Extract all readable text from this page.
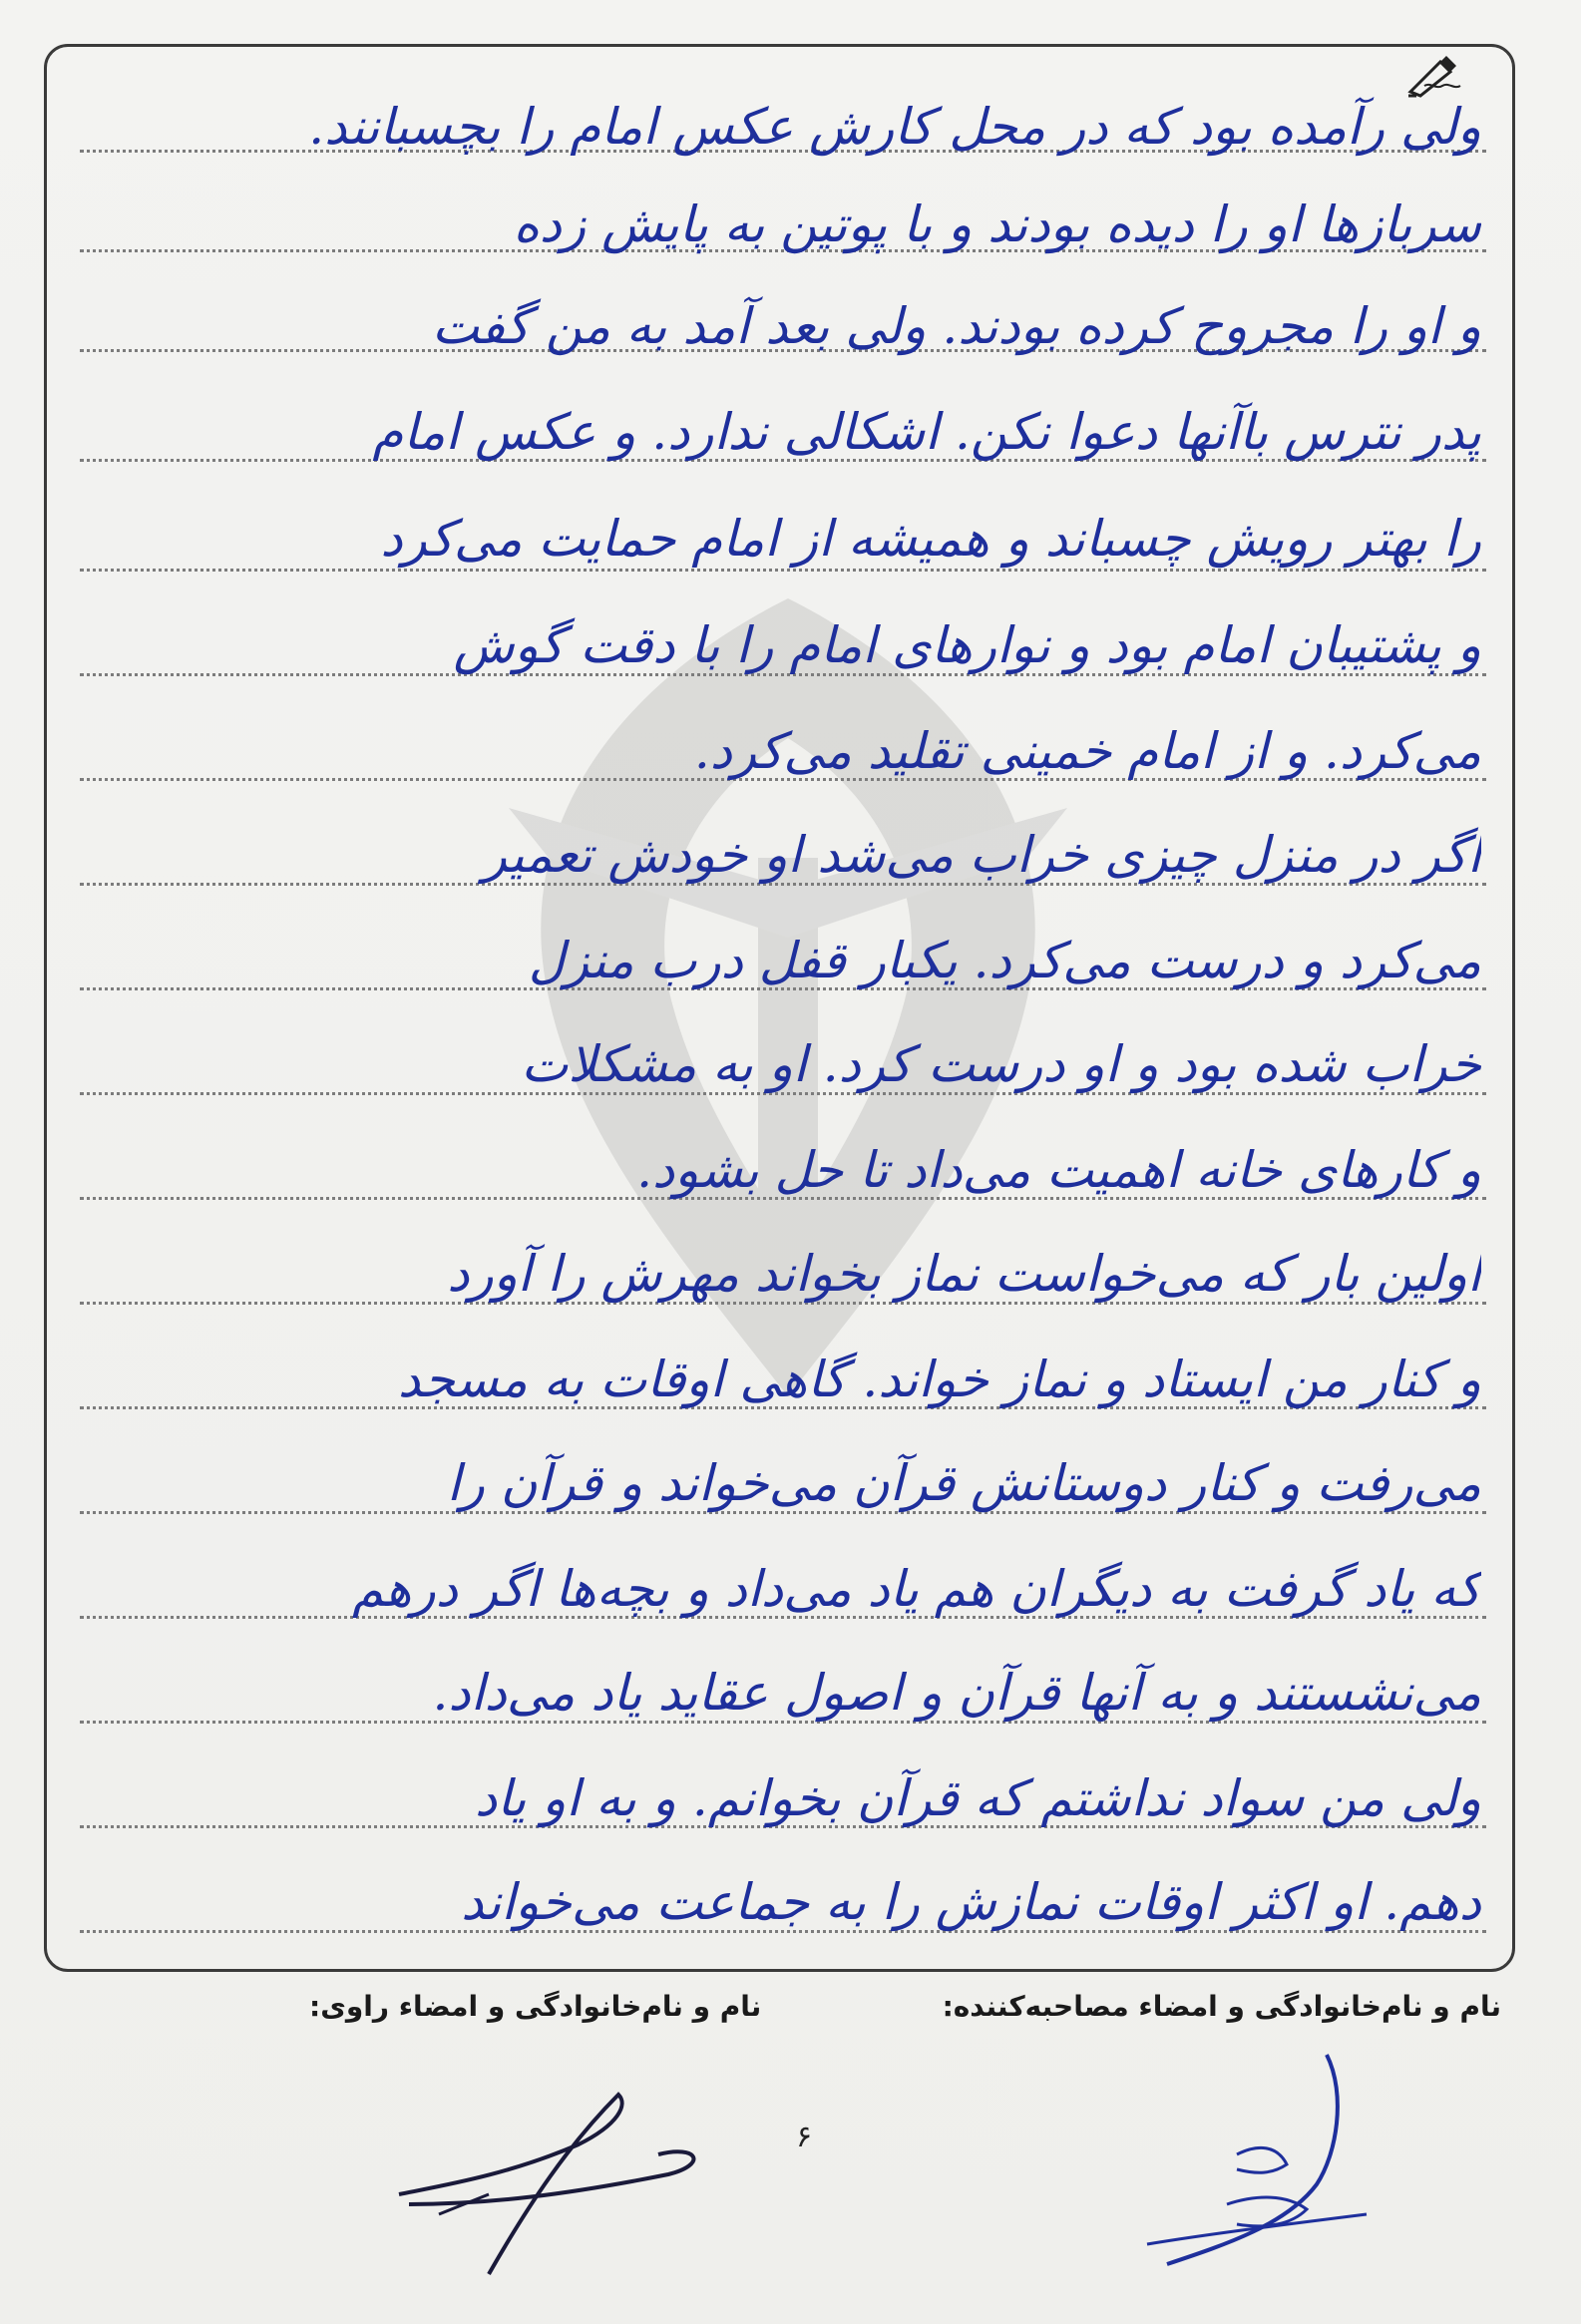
ولی رآمده بود که در محل کارش عکس امام را بچسبانند.
سربازها او را دیده بودند و با پوتین به پایش زده
و او را مجروح کرده بودند. ولی بعد آمد به من گفت
پدر نترس باآنها دعوا نکن. اشکالی ندارد. و عکس امام
را بهتر رویش چسباند و همیشه از امام حمایت می‌کرد
و پشتیبان امام بود و نوارهای امام را با دقت گوش
می‌کرد. و از امام خمینی تقلید می‌کرد.
اگر در منزل چیزی خراب می‌شد او خودش تعمیر
می‌کرد و درست می‌کرد. یکبار قفل درب منزل
خراب شده بود و او درست کرد. او به مشکلات
و کارهای خانه اهمیت می‌داد تا حل بشود.
اولین بار که می‌خواست نماز بخواند مهرش را آورد
و کنار من ایستاد و نماز خواند. گاهی اوقات به مسجد
می‌رفت و کنار دوستانش قرآن می‌خواند و قرآن را
که یاد گرفت به دیگران هم یاد می‌داد و بچه‌ها اگر درهم
می‌نشستند و به آنها قرآن و اصول عقاید یاد می‌داد.
ولی من سواد نداشتم که قرآن بخوانم. و به او یاد
دهم. او اکثر اوقات نمازش را به جماعت می‌خواند
نام و نام‌خانوادگی و امضاء مصاحبه‌کننده:
نام و نام‌خانوادگی و امضاء راوی:
۶
